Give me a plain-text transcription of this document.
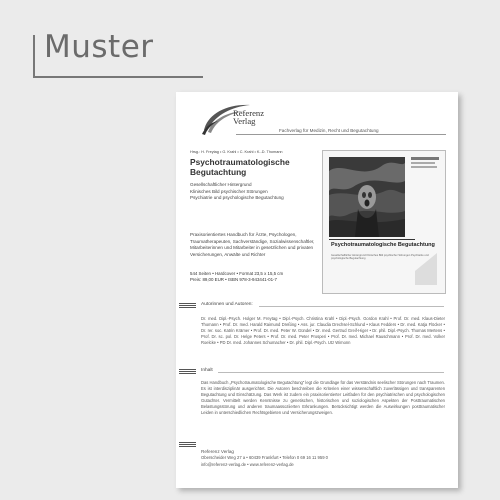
Muster
Referenz
Verlag
Fachverlag für Medizin, Recht und Begutachtung
Hrsg.: H. Freytag • G. Krahl • C. Krahl • K.-D. Thomann
Psychotraumatologische
Begutachtung
Gesellschaftlicher Hintergrund
Klinisches Bild psychischer Störungen
Psychiatrie und psychologische Begutachtung
Praxisorientiertes Handbuch für Ärzte, Psychologen, Traumatherapeuten, Sachverständige, Sozialwissenschaftler, Mitarbeiterinnen und Mitarbeiter in gesetzlichen und privaten Versicherungen, Anwälte und Richter
544 Seiten • Hardcover • Format 23,5 x 15,5 cm
Preis: 89,00 EUR • ISBN 978-3-943441-01-7
Psychotraumatologische Begutachtung
Gesellschaftlicher Hintergrund Klinisches Bild psychischer Störungen Psychiatrie und psychologische Begutachtung
Autorinnen und Autoren:
Dr. med. Dipl.-Psych. Holger M. Freytag • Dipl.-Psych. Christina Krahl • Dipl.-Psych. Gordon Krahl • Prof. Dr. med. Klaus-Dieter Thomann • Prof. Dr. med. Harald Raimund Dreßing • Ass. jur. Claudia Drechsel-Schlund • Klaus Fedders • Dr. med. Katja Flöcker • Dr. rer. soc. Katrin Krämer • Prof. Dr. med. Peter W. Gündel • Dr. med. Gertrud Greif-Higer • Dr. phil. Dipl.-Psych. Thomas Mertens • Prof. Dr. sc. pol. Dr. Helge Peters • Prof. Dr. med. Peter Prosperi • Prof. Dr. med. Michael Rauschmann • Prof. Dr. med. Volker Roelcke • PD Dr. med. Johannes Schumacher • Dr. phil. Dipl.-Psych. Utz Wimonn
Inhalt
Das Handbuch „Psychotraumatologische Begutachtung“ legt die Grundlage für das Verständnis seelischer Störungen nach Traumen. Es ist interdisziplinär ausgerichtet. Die Autoren beschreiben die Kriterien einer wissenschaftlich zuverlässigen und transparenten Begutachtung und Einschätzung. Das Werk ist zudem ein praxisorientierter Leitfaden für den psychiatrischen und psychologischen Gutachter. Vermittelt werden Kenntnisse zu genetischen, historischen und soziologischen Aspekten der Posttraumatischen Belastungsstörung und anderen traumaassoziierten Erkrankungen. Berücksichtigt werden die Auswirkungen posttraumatischer Leiden in unterschiedlichen Rechtsgebieten und Versicherungszweigen.
Referenz Verlag
Oberscheider Weg 27 a • 60439 Frankfurt • Telefon 0 69 16 11 959 0
info@referenz-verlag.de • www.referenz-verlag.de
